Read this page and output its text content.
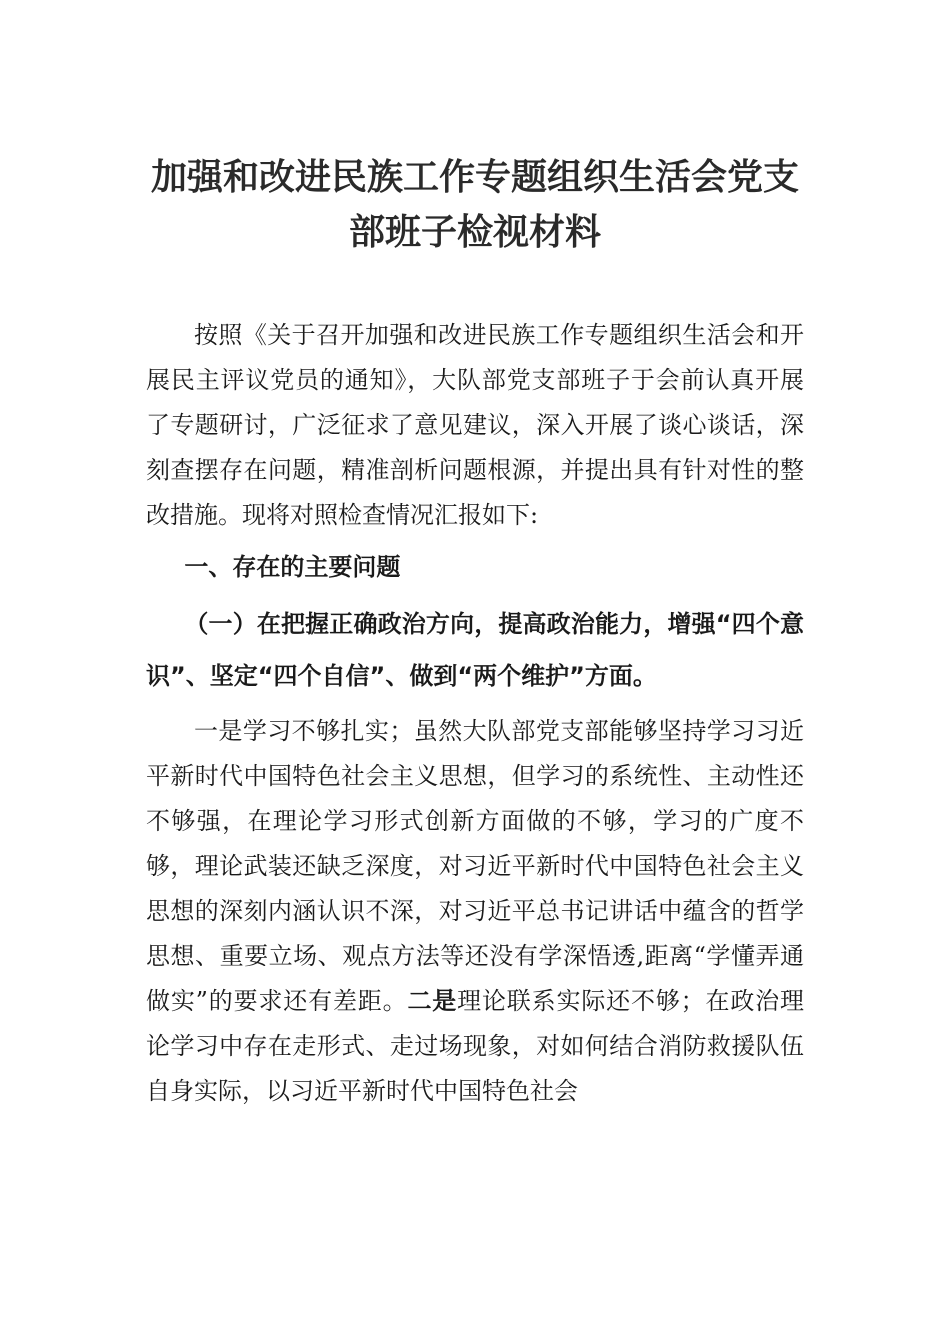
加强和改进民族工作专题组织生活会党支部班子检视材料

按照《关于召开加强和改进民族工作专题组织生活会和开展民主评议党员的通知》，大队部党支部班子于会前认真开展了专题研讨，广泛征求了意见建议，深入开展了谈心谈话，深刻查摆存在问题，精准剖析问题根源，并提出具有针对性的整改措施。现将对照检查情况汇报如下:

一、存在的主要问题

（一）在把握正确政治方向，提高政治能力，增强“四个意识”、坚定“四个自信”、做到“两个维护”方面。

一是学习不够扎实；虽然大队部党支部能够坚持学习习近平新时代中国特色社会主义思想，但学习的系统性、主动性还不够强，在理论学习形式创新方面做的不够，学习的广度不够，理论武装还缺乏深度，对习近平新时代中国特色社会主义思想的深刻内涵认识不深，对习近平总书记讲话中蕴含的哲学思想、重要立场、观点方法等还没有学深悟透,距离“学懂弄通做实”的要求还有差距。二是理论联系实际还不够；在政治理论学习中存在走形式、走过场现象，对如何结合消防救援队伍自身实际，以习近平新时代中国特色社会
